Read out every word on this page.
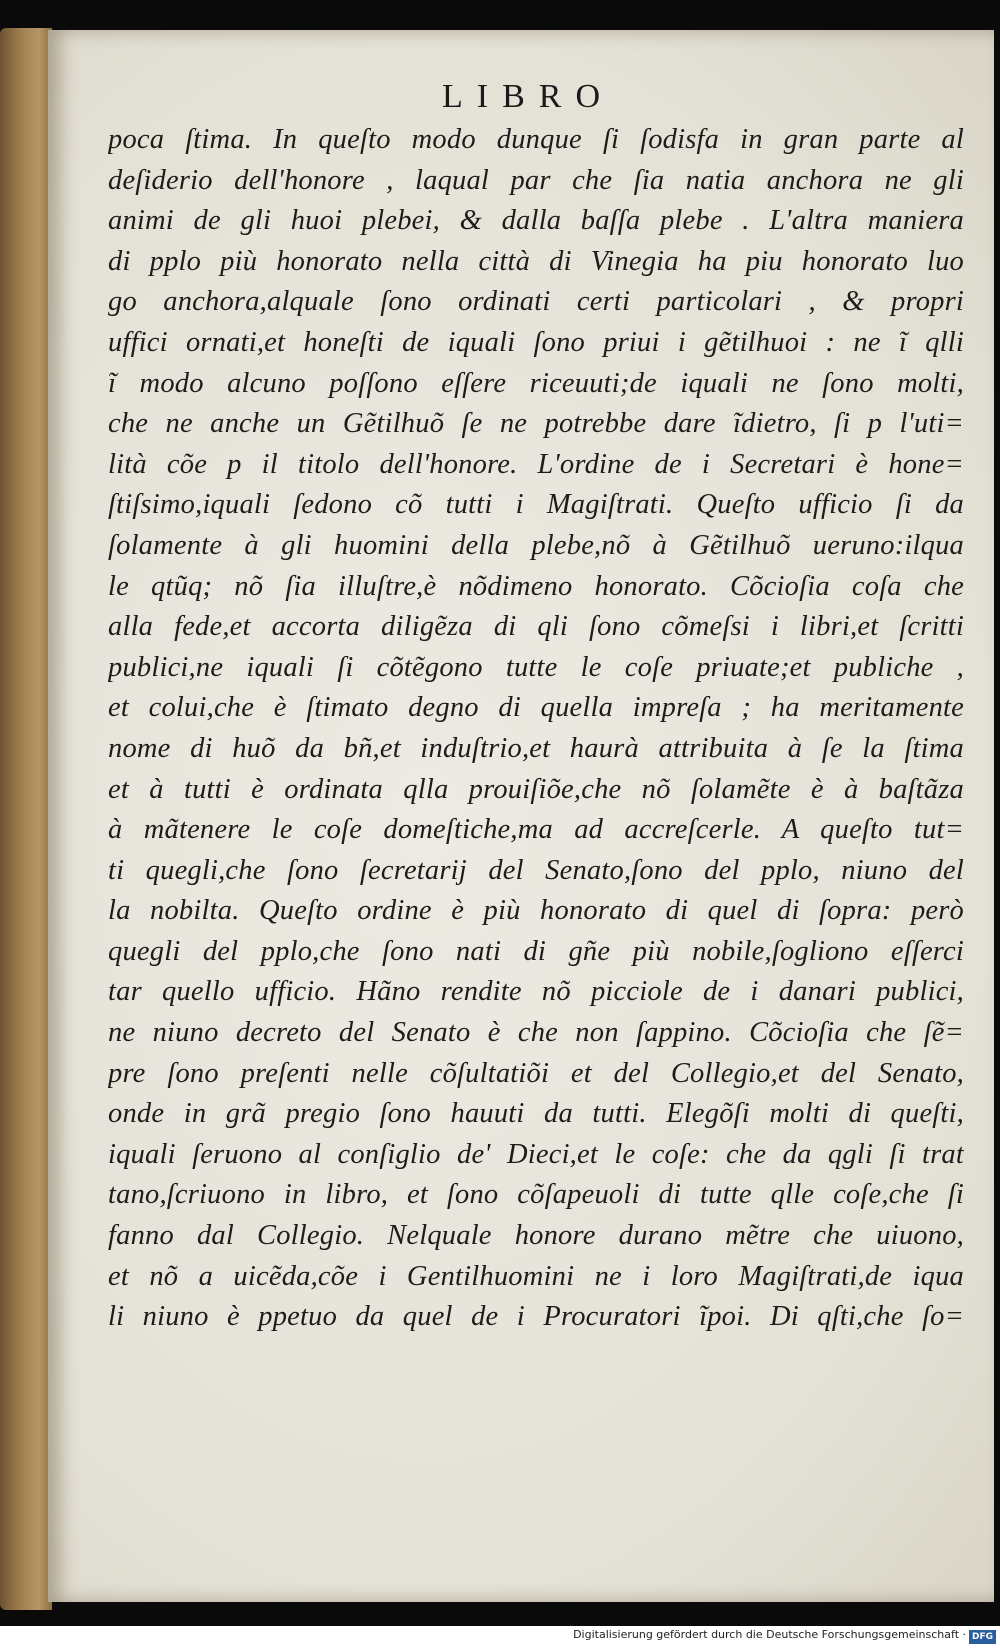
LIBRO
poca ſtima. In queſto modo dunque ſi ſodisfa in gran parte al
deſiderio dell'honore , laqual par che ſia natia anchora ne gli
animi de gli huoi plebei, & dalla baſſa plebe . L'altra maniera
di pplo più honorato nella città di Vinegia ha piu honorato luo
go anchora,alquale ſono ordinati certi particolari , & propri
uffici ornati,et honeſti de iquali ſono priui i gẽtilhuoi : ne ĩ qlli
ĩ modo alcuno poſſono eſſere riceuuti;de iquali ne ſono molti,
che ne anche un Gẽtilhuõ ſe ne potrebbe dare ĩdietro, ſi p l'uti=
lità cõe p il titolo dell'honore. L'ordine de i Secretari è hone=
ſtiſsimo,iquali ſedono cõ tutti i Magiſtrati. Queſto ufficio ſi da
ſolamente à gli huomini della plebe,nõ à Gẽtilhuõ ueruno:ilqua
le qtũq; nõ ſia illuſtre,è nõdimeno honorato. Cõcioſia coſa che
alla fede,et accorta diligẽza di qli ſono cõmeſsi i libri,et ſcritti
publici,ne iquali ſi cõtẽgono tutte le coſe priuate;et publiche ,
et colui,che è ſtimato degno di quella impreſa ; ha meritamente
nome di huõ da bñ,et induſtrio,et haurà attribuita à ſe la ſtima
et à tutti è ordinata qlla prouiſiõe,che nõ ſolamẽte è à baſtãza
à mãtenere le coſe domeſtiche,ma ad accreſcerle. A queſto tut=
ti quegli,che ſono ſecretarij del Senato,ſono del pplo, niuno del
la nobilta. Queſto ordine è più honorato di quel di ſopra: però
quegli del pplo,che ſono nati di gñe più nobile,ſogliono eſſerci
tar quello ufficio. Hãno rendite nõ picciole de i danari publici,
ne niuno decreto del Senato è che non ſappino. Cõcioſia che ſẽ=
pre ſono preſenti nelle cõſultatiõi et del Collegio,et del Senato,
onde in grã pregio ſono hauuti da tutti. Elegõſi molti di queſti,
iquali ſeruono al conſiglio de' Dieci,et le coſe: che da qgli ſi trat
tano,ſcriuono in libro, et ſono cõſapeuoli di tutte qlle coſe,che ſi
fanno dal Collegio. Nelquale honore durano mẽtre che uiuono,
et nõ a uicẽda,cõe i Gentilhuomini ne i loro Magiſtrati,de iqua
li niuno è ppetuo da quel de i Procuratori ĩpoi. Di qſti,che ſo=
Digitalisierung gefördert durch die Deutsche Forschungsgemeinschaft · DFG
